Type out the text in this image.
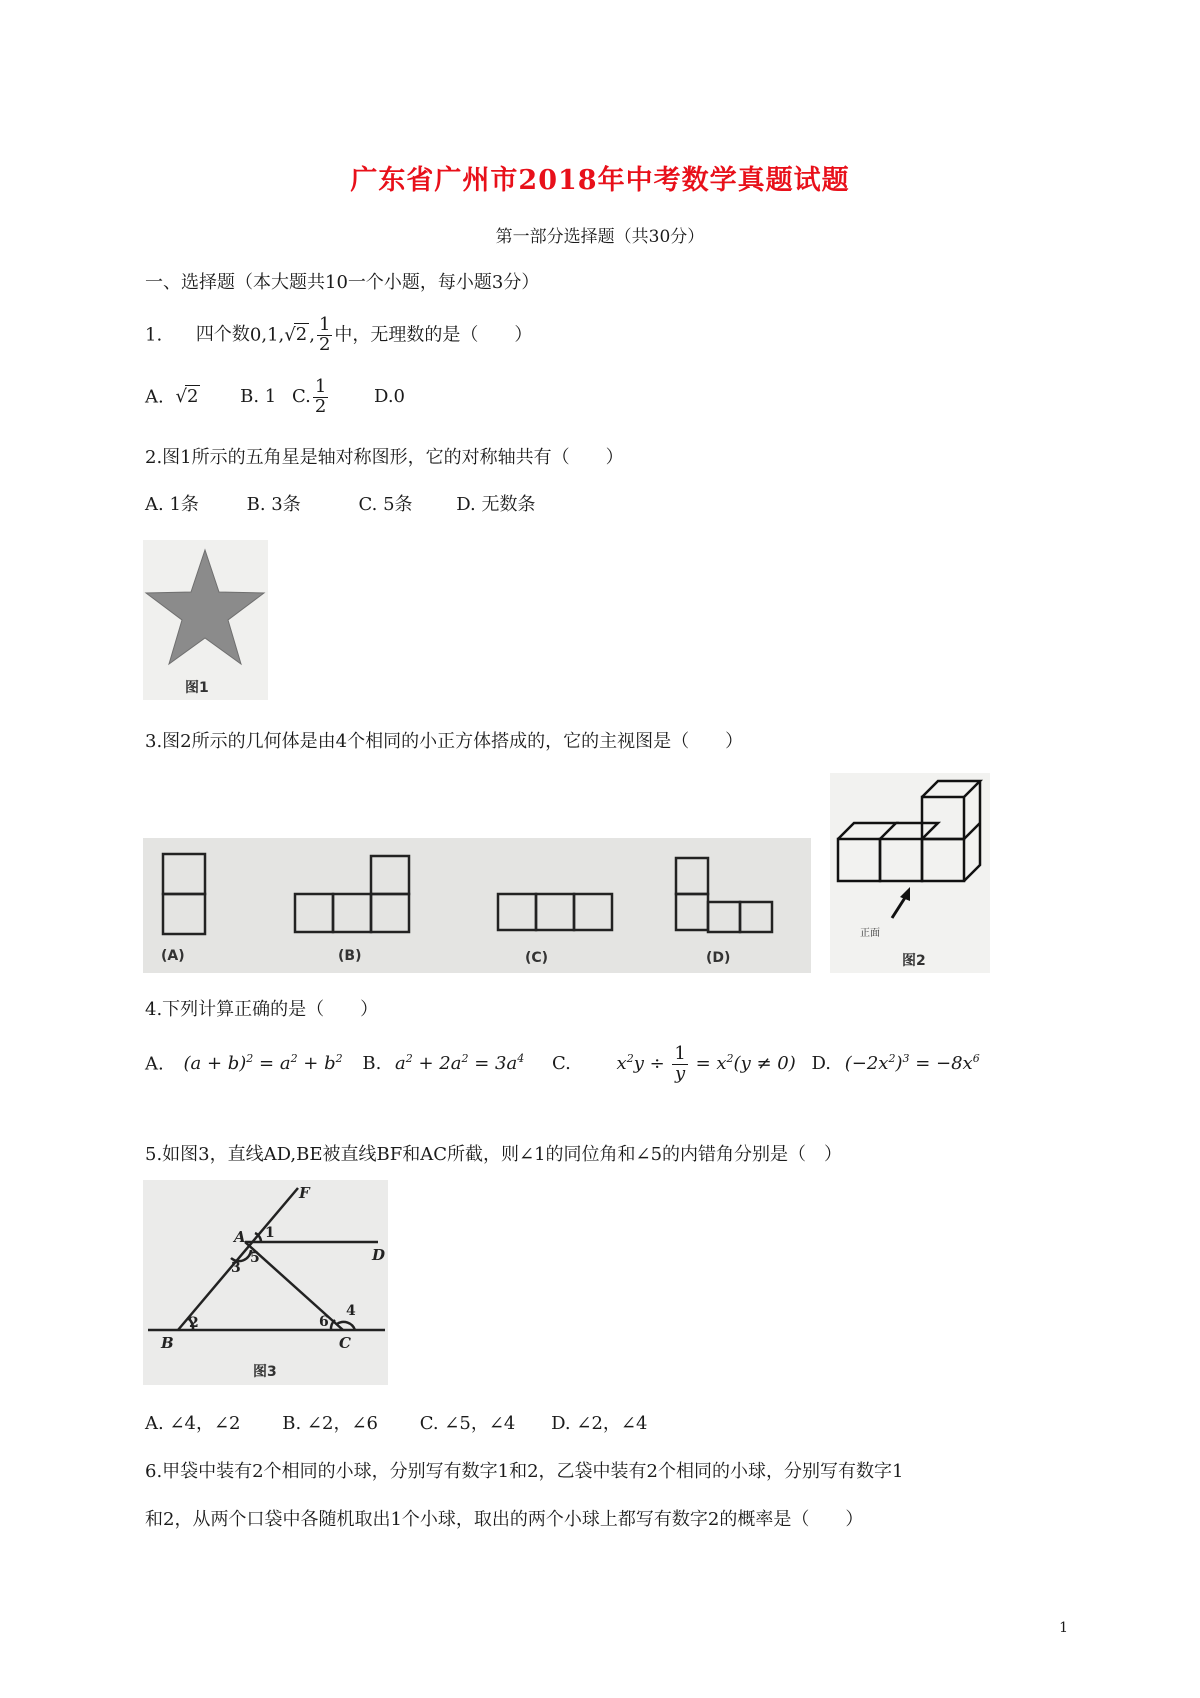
广东省广州市2018年中考数学真题试题
第一部分选择题（共30分）
一、选择题（本大题共10一个小题，每小题3分）
1. 四个数0,1,√2 , $\frac{1}{2}$ 中，无理数的是（　　）
A. √2 B. 1 C. $\frac{1}{2}$	D.0
2.图1所示的五角星是轴对称图形，它的对称轴共有（　　）
A. 1条	B. 3条	C. 5条 D. 无数条
图1
3.图2所示的几何体是由4个相同的小正方体搭成的，它的主视图是（　　）
(A)	(B)	(C)	(D)
正面
图2
4.下列计算正确的是（　　）
A. $(a + b)^2 = a^2 + b^2$ B. $a^2 + 2a^2 = 3a^4$ C.	$x^2y \div \frac{1}{y} = x^2(y \ne 0)$ D. $(-2x^2)^3 = -8x^6$
5.如图3，直线AD,BE被直线BF和AC所截，则∠1的同位角和∠5的内错角分别是（　）
F
A
D
B	C
1
5
3
2	6
4
图3
A. ∠4，∠2 B. ∠2，∠6 C. ∠5，∠4 D. ∠2，∠4
6.甲袋中装有2个相同的小球，分别写有数字1和2，乙袋中装有2个相同的小球，分别写有数字1
和2，从两个口袋中各随机取出1个小球，取出的两个小球上都写有数字2的概率是（　　）
1
